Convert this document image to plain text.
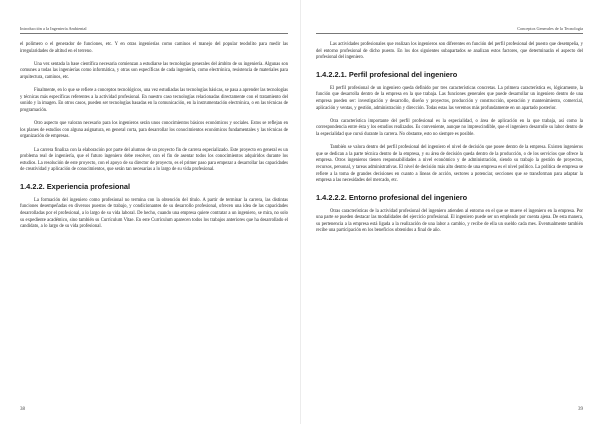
Introducción a la Ingeniería Ambiental

el polímero o el generador de funciones, etc. Y en otras ingenierías como caminos el manejo del popular teodolito para medir las irregularidades de altitud en el terreno.

Una vez sentada la base científica necesaria comienzan a estudiarse las tecnologías generales del ámbito de su ingeniería. Algunas son comunes a todas las ingenierías como informática, y otras son específicas de cada ingeniería, como electrónica, resistencia de materiales para arquitectura, caminos, etc.

Finalmente, en lo que se refiere a conceptos tecnológicos, una vez estudiadas las tecnologías básicas, se pasa a aprender las tecnologías y técnicas más específicas referentes a la actividad profesional. En nuestro caso tecnologías relacionadas directamente con el tratamiento del sonido y la imagen. En otros casos, pueden ser tecnologías basadas en la comunicación, en la instrumentación electrónica, o en las técnicas de programación.

Otro aspecto que valoran necesario para los ingenieros serán unos conocimientos básicos económicos y sociales. Estos se reflejan en los planes de estudios con alguna asignatura, en general corta, para desarrollar los conocimientos económicos fundamentales y las técnicas de organización de empresas.

La carrera finaliza con la elaboración por parte del alumno de un proyecto fin de carrera especializado. Este proyecto en general es un problema real de ingeniería, que el futuro ingeniero debe resolver, con el fin de asentar todos los conocimientos adquiridos durante los estudios. La resolución de este proyecto, con el apoyo de su director de proyecto, es el primer paso para empezar a desarrollar las capacidades de creatividad y aplicación de conocimientos, que serán tan necesarias a lo largo de su vida profesional.

1.4.2.2. Experiencia profesional

La formación del ingeniero como profesional no termina con la obtención del título. A partir de terminar la carrera, las distintas funciones desempeñadas en diversos puestos de trabajo, y condicionantes de su desarrollo profesional, ofrecen una idea de las capacidades desarrolladas por el profesional, a lo largo de su vida laboral. De hecho, cuando una empresa quiere contratar a un ingeniero, se mira, no solo su expediente académico, sino también su Currículum Vitae. En este Currículum aparecen todos los trabajos anteriores que ha desarrollado el candidato, a lo largo de su vida profesional.

38
Conceptos Generales de la Tecnología

Las actividades profesionales que realizan los ingenieros son diferentes en función del perfil profesional del puesto que desempeña, y del entorno profesional de dicho puesto. En los dos siguientes subapartados se analizan estos factores, que determinarán el aspecto del profesional del ingeniero.

1.4.2.2.1. Perfil profesional del ingeniero

El perfil profesional de un ingeniero queda definido por tres características concretas. La primera característica es, lógicamente, la función que desarrolla dentro de la empresa en la que trabaja. Las funciones generales que puede desarrollar un ingeniero dentro de una empresa pueden ser: investigación y desarrollo, diseño y proyectos, producción y construcción, operación y mantenimiento, comercial, aplicación y ventas, y gestión, administración y dirección. Todas estas las veremos más profundamente en un apartado posterior.

Otra característica importante del perfil profesional es la especialidad, o área de aplicación en la que trabaja, así como la correspondencia entre ésta y los estudios realizados. Es conveniente, aunque no imprescindible, que el ingeniero desarrolle su labor dentro de la especialidad que cursó durante la carrera. No obstante, esto no siempre es posible.

También se valora dentro del perfil profesional del ingeniero el nivel de decisión que posee dentro de la empresa. Existen ingenieros que se dedican a la parte técnica dentro de la empresa, y su área de decisión queda dentro de la producción, o de los servicios que ofrece la empresa. Otros ingenieros tienen responsabilidades a nivel económico y de administración, siendo su trabajo la gestión de proyectos, recursos, personal, y tareas administrativas. El nivel de decisión más alto dentro de una empresa es el nivel político. La política de empresa se refiere a la toma de grandes decisiones en cuanto a líneas de acción, sectores a potenciar, secciones que se transforman para adaptar la empresa a las necesidades del mercado, etc.

1.4.2.2.2. Entorno profesional del ingeniero

Otras características de la actividad profesional del ingeniero atienden al entorno en el que se mueve el ingeniero en la empresa. Por una parte se pueden destacar las modalidades del ejercicio profesional. El ingeniero puede ser un empleado por cuenta ajena. De esta manera, su pertenencia a la empresa está ligada a la realización de una labor a cambio, y recibe de ella un sueldo cada mes. Eventualmente también recibe una participación en los beneficios obtenidos a final de año.

39
